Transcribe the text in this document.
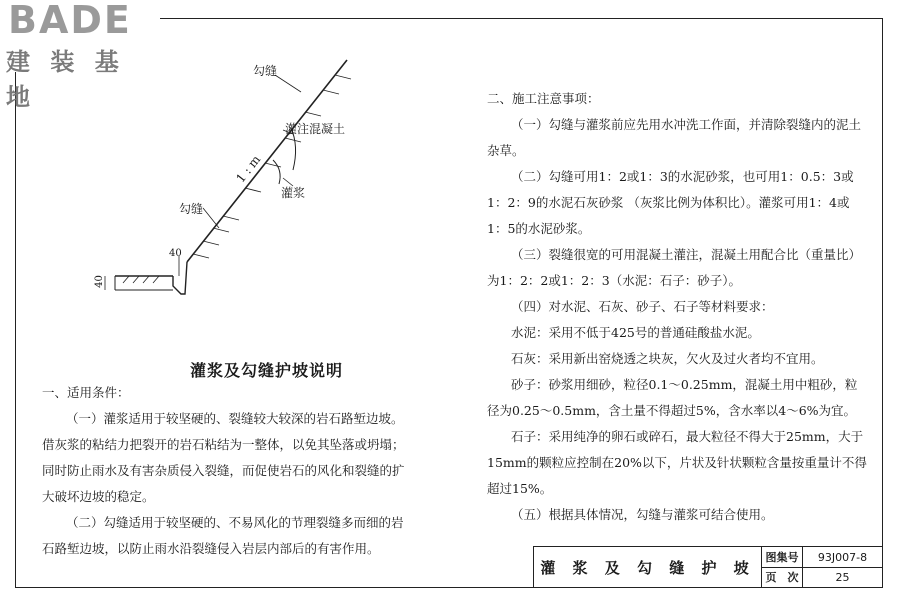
BADE
建 装 基 地
勾缝
灌注混凝土
1 : m
灌浆
勾缝
40
40
灌浆及勾缝护坡说明

一、适用条件：

（一）灌浆适用于较坚硬的、裂缝较大较深的岩石路堑边坡。借灰浆的粘结力把裂开的岩石粘结为一整体，以免其坠落或坍塌；同时防止雨水及有害杂质侵入裂缝，而促使岩石的风化和裂缝的扩大破坏边坡的稳定。

（二）勾缝适用于较坚硬的、不易风化的节理裂缝多而细的岩石路堑边坡，以防止雨水沿裂缝侵入岩层内部后的有害作用。

二、施工注意事项：

（一）勾缝与灌浆前应先用水冲洗工作面，并清除裂缝内的泥土杂草。

（二）勾缝可用1：2或1：3的水泥砂浆，也可用1：0.5：3或1：2：9的水泥石灰砂浆 （灰浆比例为体积比）。灌浆可用1：4或1：5的水泥砂浆。

（三）裂缝很宽的可用混凝土灌注，混凝土用配合比（重量比）为1：2：2或1：2：3（水泥：石子：砂子）。

（四）对水泥、石灰、砂子、石子等材料要求：

水泥：采用不低于425号的普通硅酸盐水泥。

石灰：采用新出窑烧透之块灰，欠火及过火者均不宜用。

砂子：砂浆用细砂，粒径0.1～0.25mm，混凝土用中粗砂，粒径为0.25～0.5mm，含土量不得超过5%，含水率以4～6%为宜。

石子：采用纯净的卵石或碎石，最大粒径不得大于25mm，大于15mm的颗粒应控制在20%以下，片状及针状颗粒含量按重量计不得超过15%。

（五）根据具体情况，勾缝与灌浆可结合使用。

灌 浆 及 勾 缝 护 坡
图集号	93J007-8
页　次	25
